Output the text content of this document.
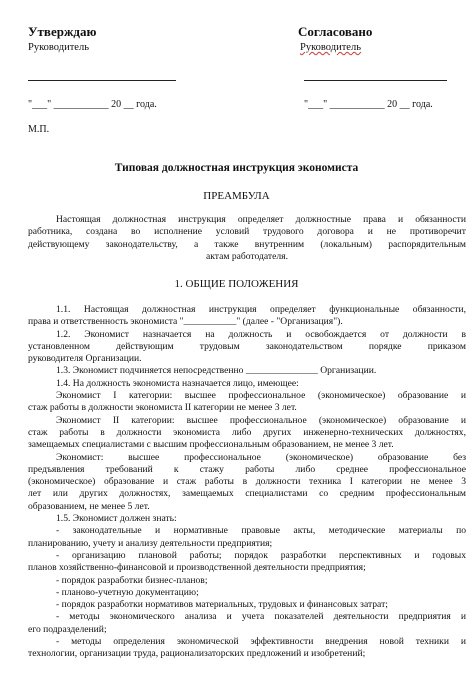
Утверждаю
Руководитель
"___" ___________ 20 __ года.
Согласовано
Руководитель
"___" ___________ 20 __ года.
М.П.
Типовая должностная инструкция экономиста
ПРЕАМБУЛА

Настоящая должностная инструкция определяет должностные права и обязанности

работника, создана во исполнение условий трудового договора и не противоречит

действующему законодательству, а также внутренним (локальным) распорядительным

актам работодателя.

1. ОБЩИЕ ПОЛОЖЕНИЯ

1.1. Настоящая должностная инструкция определяет функциональные обязанности,

права и ответственность экономиста "___________" (далее - "Организация").

1.2. Экономист назначается на должность и освобождается от должности в

установленном действующим трудовым законодательством порядке приказом

руководителя Организации.

1.3. Экономист подчиняется непосредственно _______________ Организации.

1.4. На должность экономиста назначается лицо, имеющее:

Экономист I категории: высшее профессиональное (экономическое) образование и

стаж работы в должности экономиста II категории не менее 3 лет.

Экономист II категории: высшее профессиональное (экономическое) образование и

стаж работы в должности экономиста либо других инженерно-технических должностях,

замещаемых специалистами с высшим профессиональным образованием, не менее 3 лет.

Экономист: высшее профессиональное (экономическое) образование без

предъявления требований к стажу работы либо среднее профессиональное

(экономическое) образование и стаж работы в должности техника I категории не менее 3

лет или других должностях, замещаемых специалистами со средним профессиональным

образованием, не менее 5 лет.

1.5. Экономист должен знать:

- законодательные и нормативные правовые акты, методические материалы по

планированию, учету и анализу деятельности предприятия;

- организацию плановой работы; порядок разработки перспективных и годовых

планов хозяйственно-финансовой и производственной деятельности предприятия;

- порядок разработки бизнес-планов;

- планово-учетную документацию;

- порядок разработки нормативов материальных, трудовых и финансовых затрат;

- методы экономического анализа и учета показателей деятельности предприятия и

его подразделений;

- методы определения экономической эффективности внедрения новой техники и

технологии, организации труда, рационализаторских предложений и изобретений;
